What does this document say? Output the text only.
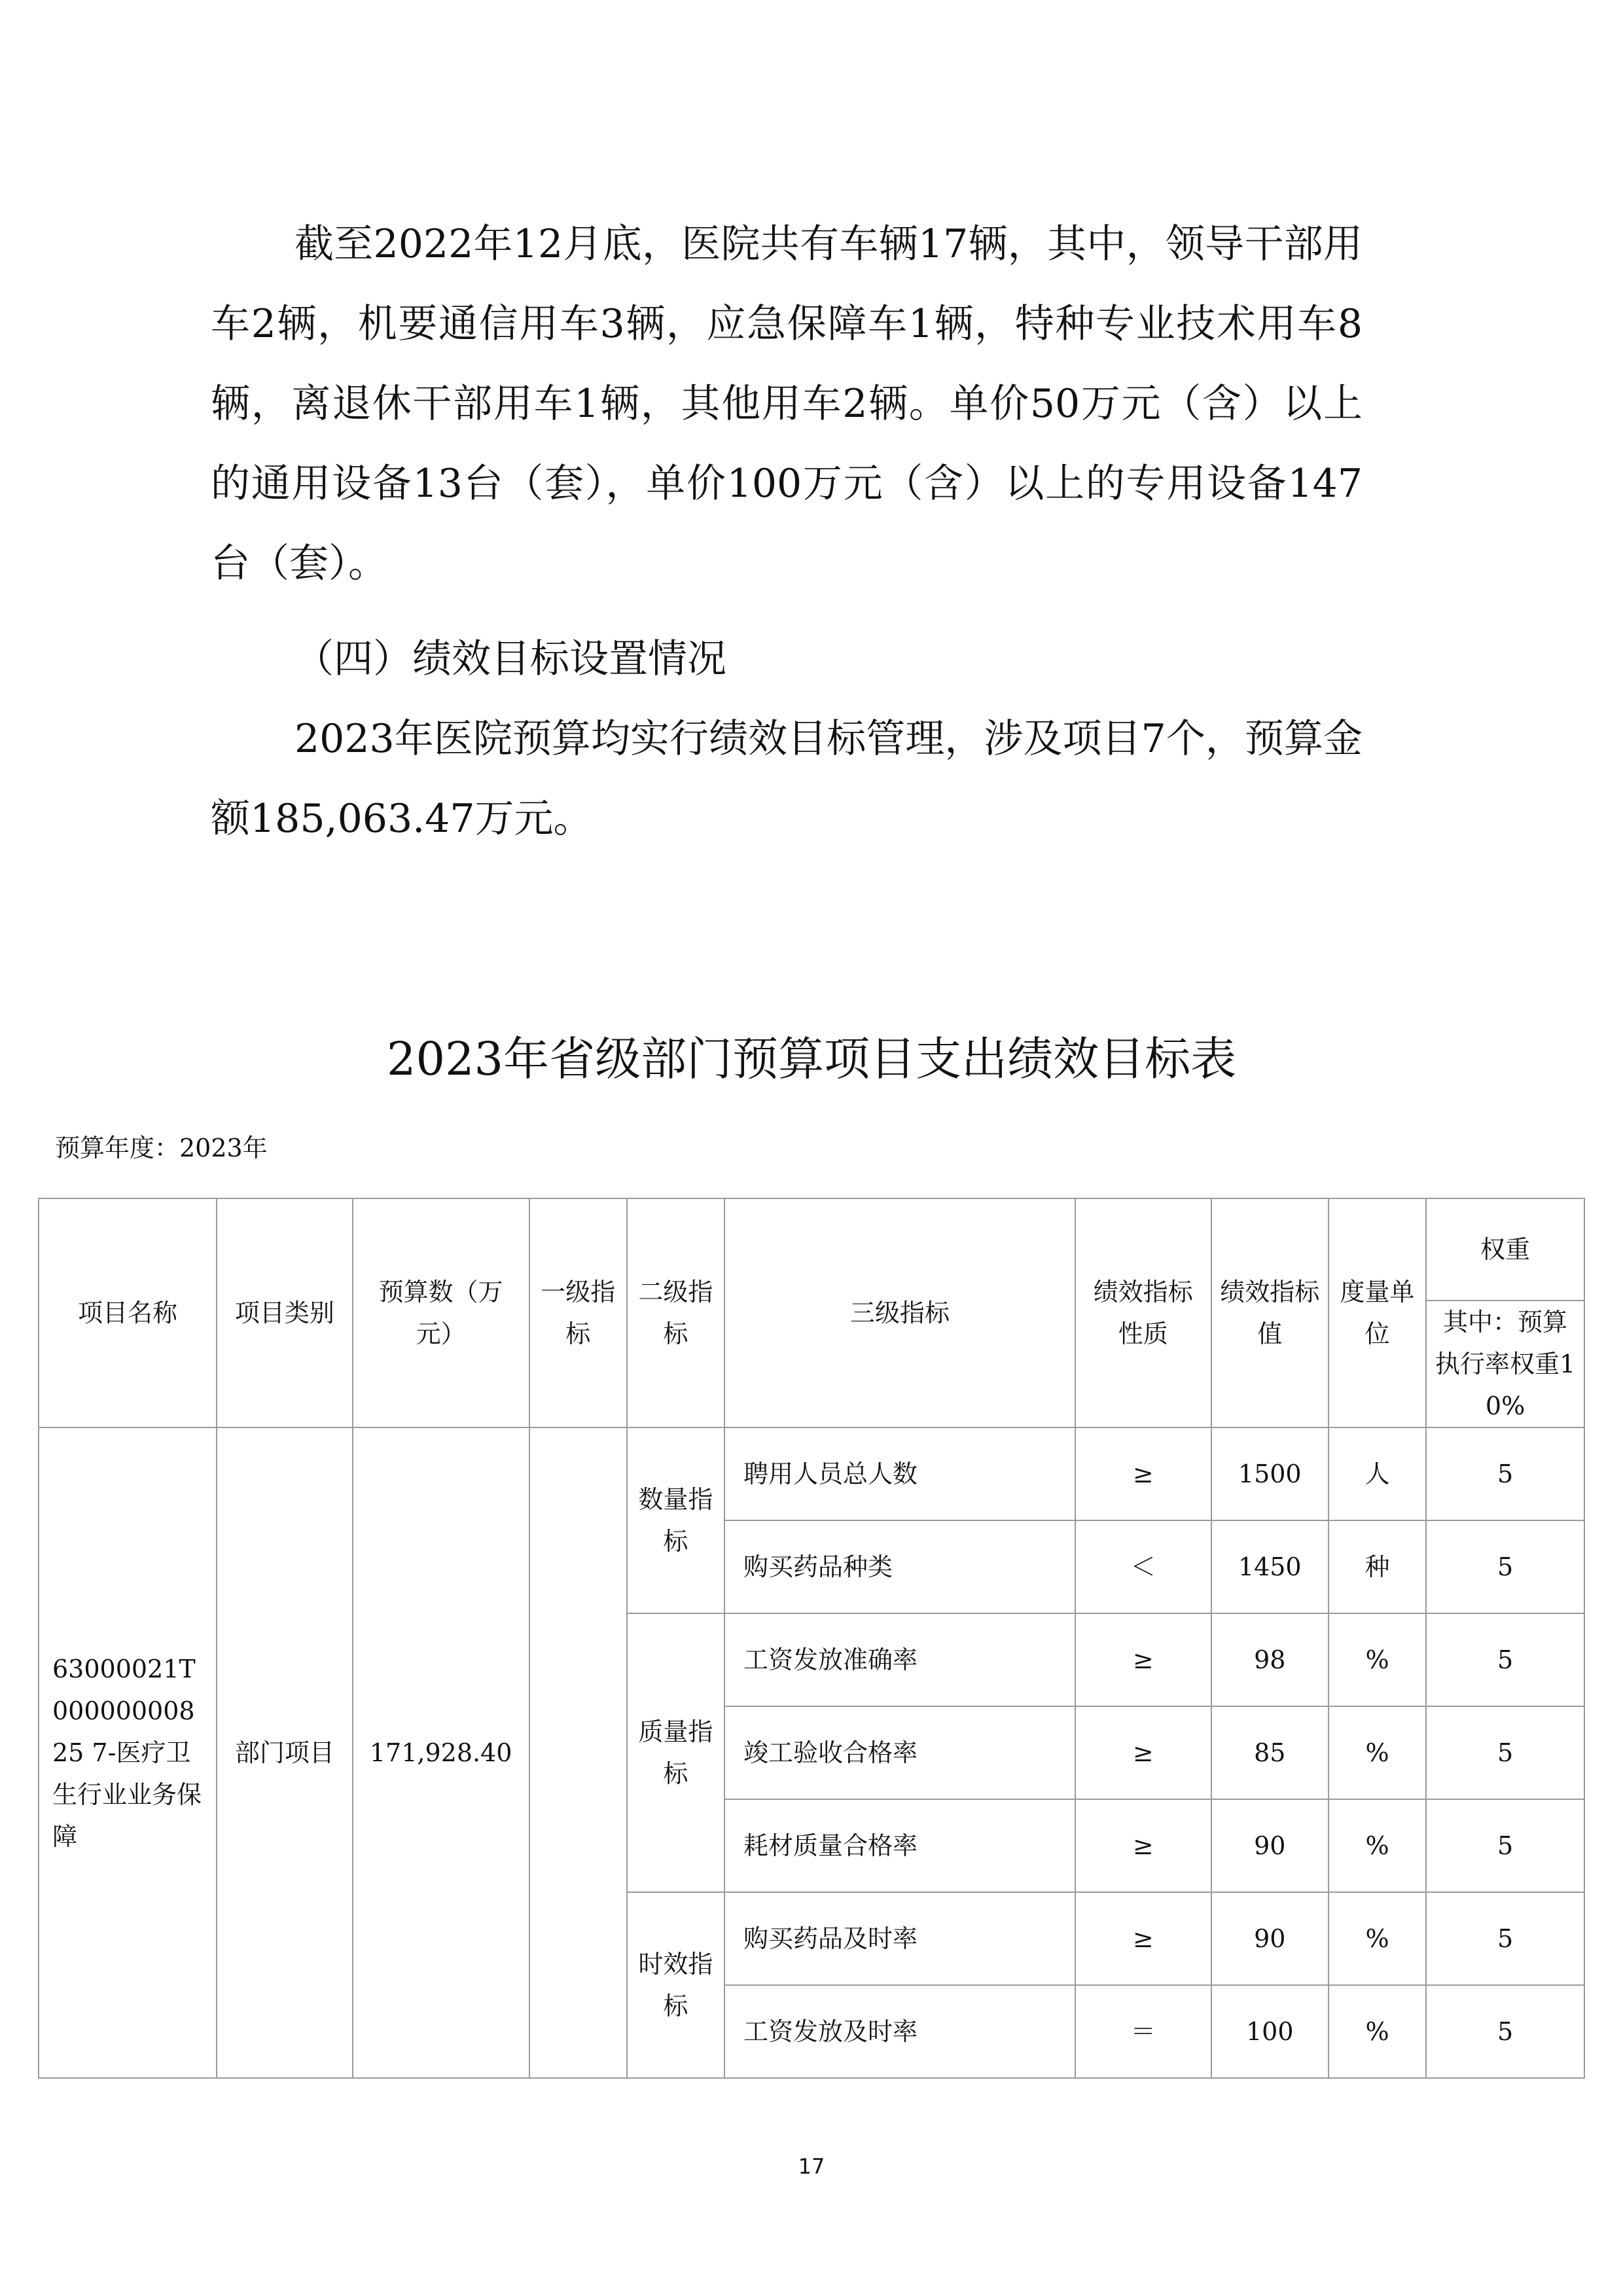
截至2022年12月底，医院共有车辆17辆，其中，领导干部用车2辆，机要通信用车3辆，应急保障车1辆，特种专业技术用车8辆，离退休干部用车1辆，其他用车2辆。单价50万元（含）以上的通用设备13台（套），单价100万元（含）以上的专用设备147台（套）。

（四）绩效目标设置情况

2023年医院预算均实行绩效目标管理，涉及项目7个，预算金额185,063.47万元。

2023年省级部门预算项目支出绩效目标表
预算年度：2023年
项目名称	项目类别	预算数（万元）	一级指标	二级指标	三级指标	绩效指标性质	绩效指标值	度量单位	权重
									其中：预算执行率权重10%
63000021T00000000825 7-医疗卫生行业业务保障	部门项目	171,928.40		数量指标	聘用人员总人数	≥	1500	人	5
					购买药品种类	＜	1450	种	5
				质量指标	工资发放准确率	≥	98	%	5
					竣工验收合格率	≥	85	%	5
					耗材质量合格率	≥	90	%	5
				时效指标	购买药品及时率	≥	90	%	5
					工资发放及时率	＝	100	%	5
17
